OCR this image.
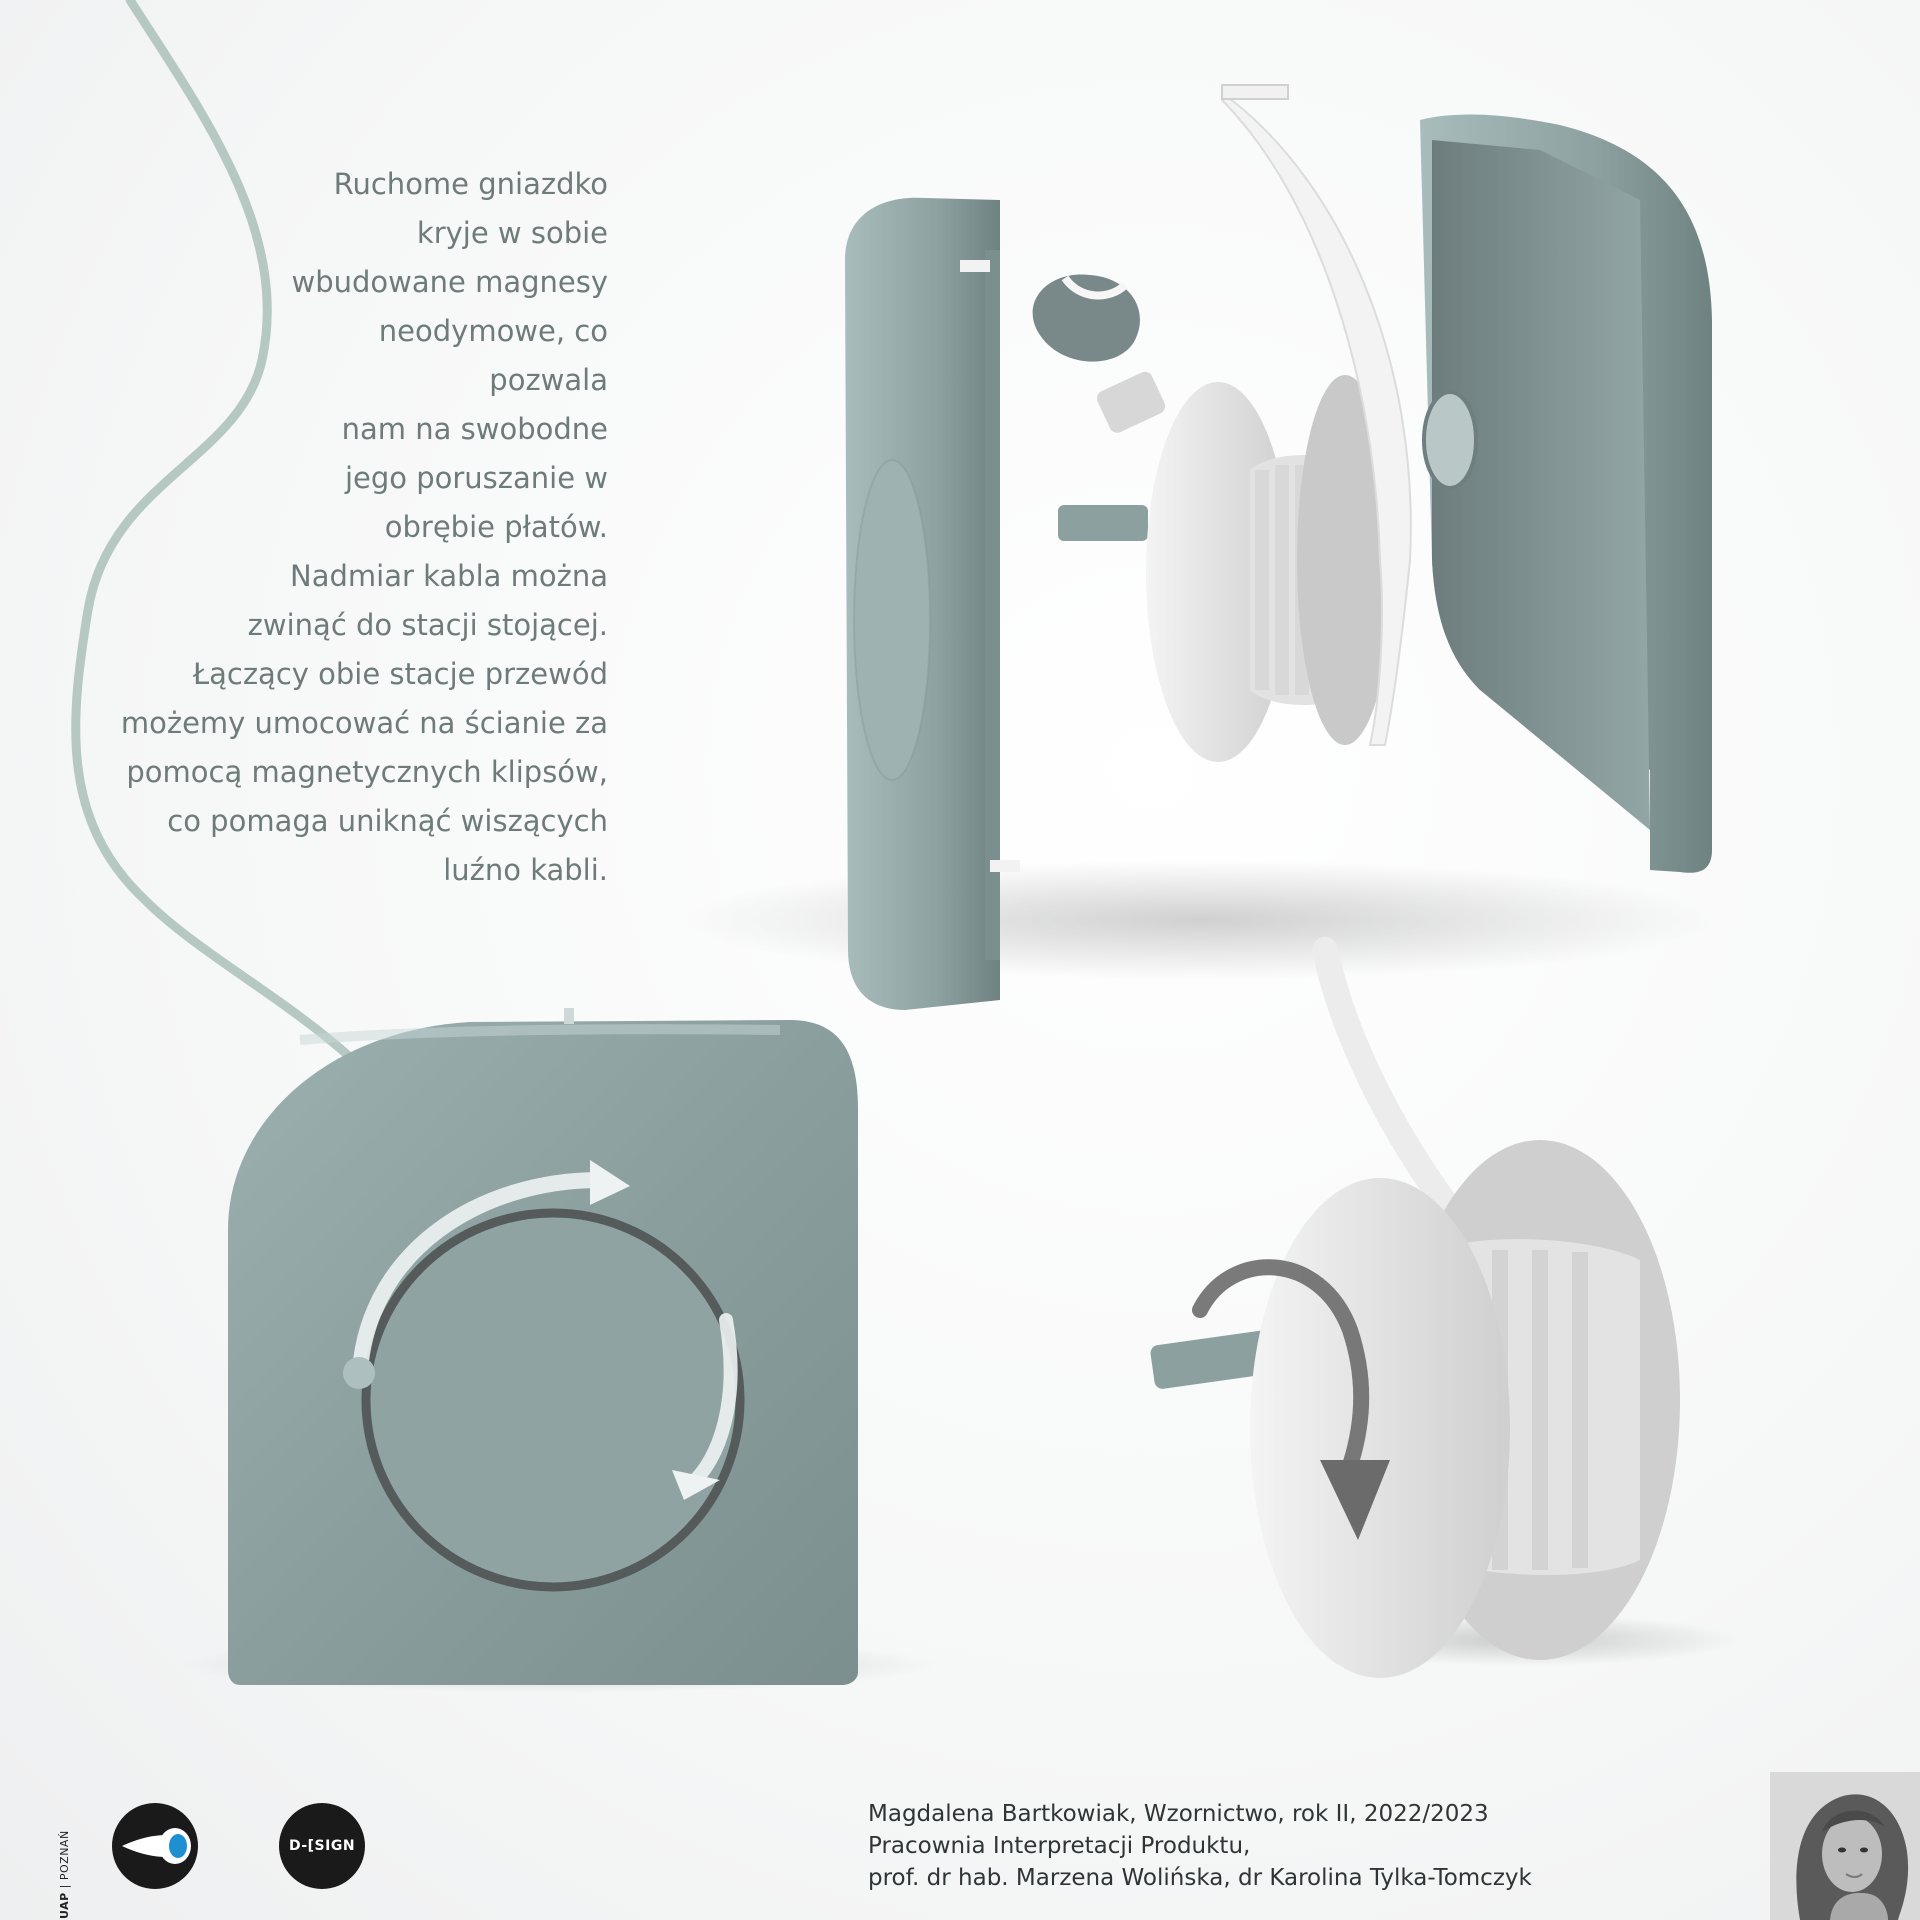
Ruchome gniazdko
kryje w sobie
wbudowane magnesy
neodymowe, co
pozwala
nam na swobodne
jego poruszanie w
obrębie płatów.
Nadmiar kabla można
zwinąć do stacji stojącej.
Łączący obie stacje przewód
możemy umocować na ścianie za
pomocą magnetycznych klipsów,
co pomaga uniknąć wiszących
luźno kabli.
Magdalena Bartkowiak, Wzornictwo, rok II, 2022/2023
Pracownia Interpretacji Produktu,
prof. dr hab. Marzena Wolińska, dr Karolina Tylka-Tomczyk
UAP | POZNAŃ	D-[SIGN
